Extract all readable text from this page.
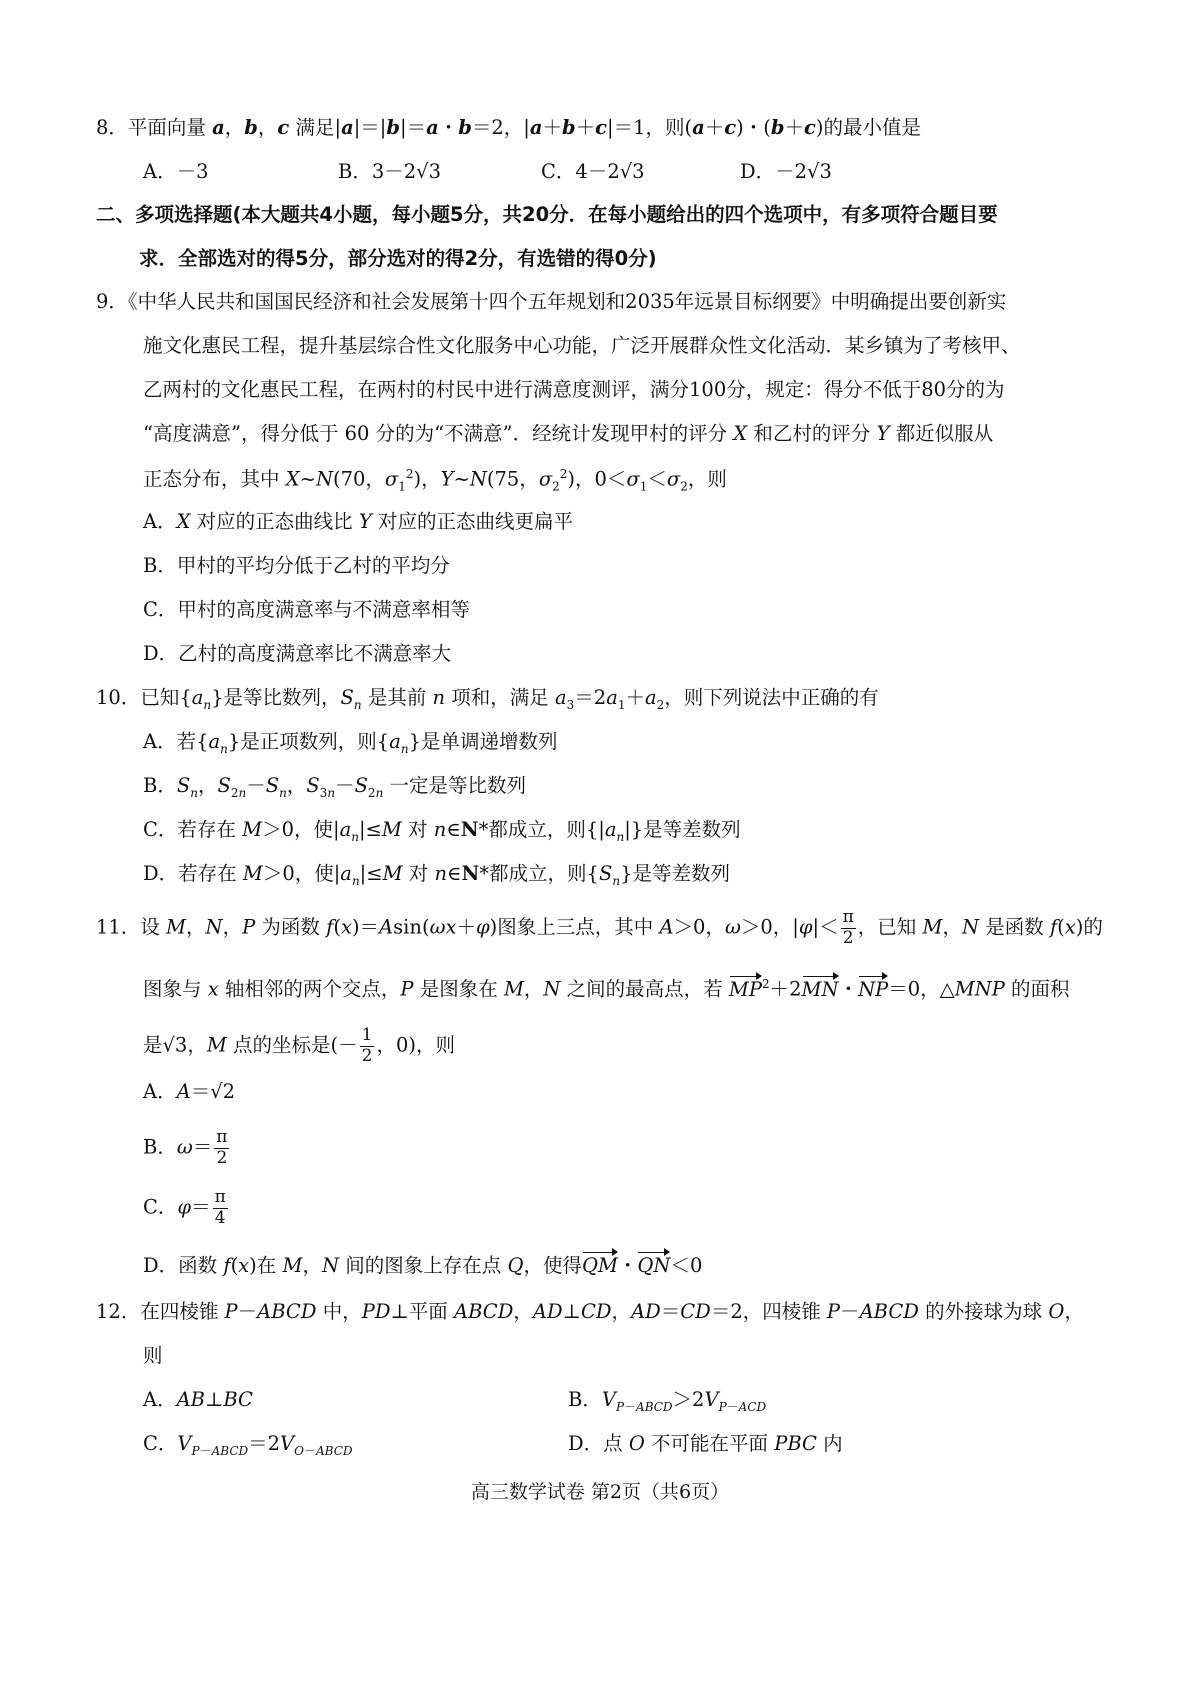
8．平面向量 a，b，c 满足|a|＝|b|＝a・b＝2，|a＋b＋c|＝1，则(a＋c)・(b＋c)的最小值是
A．－3	B．3－2√3	C．4－2√3	D．－2√3
二、多项选择题(本大题共4小题，每小题5分，共20分．在每小题给出的四个选项中，有多项符合题目要
求．全部选对的得5分，部分选对的得2分，有选错的得0分)
9．《中华人民共和国国民经济和社会发展第十四个五年规划和2035年远景目标纲要》中明确提出要创新实
施文化惠民工程，提升基层综合性文化服务中心功能，广泛开展群众性文化活动．某乡镇为了考核甲、
乙两村的文化惠民工程，在两村的村民中进行满意度测评，满分100分，规定：得分不低于80分的为
“高度满意”，得分低于 60 分的为“不满意”．经统计发现甲村的评分 X 和乙村的评分 Y 都近似服从
正态分布，其中 X~N(70，$\sigma_1^2$)，Y~N(75，$\sigma_2^2$)，$0<\sigma_1<\sigma_2$，则
A．X 对应的正态曲线比 Y 对应的正态曲线更扁平
B．甲村的平均分低于乙村的平均分
C．甲村的高度满意率与不满意率相等
D．乙村的高度满意率比不满意率大
10．已知$\{a_n\}$是等比数列，$S_n$ 是其前 n 项和，满足 $a_3=2a_1+a_2$，则下列说法中正确的有
A．若$\{a_n\}$是正项数列，则$\{a_n\}$是单调递增数列
B．$S_n$，$S_{2n}-S_n$，$S_{3n}-S_{2n}$ 一定是等比数列
C．若存在 M＞0，使$|a_n|\le M$ 对 n∈N*都成立，则$\{|a_n|\}$是等差数列
D．若存在 M＞0，使$|a_n|\le M$ 对 n∈N*都成立，则$\{S_n\}$是等差数列
11．设 M，N，P 为函数 f(x)＝Asin(ωx＋φ)图象上三点，其中 A＞0，ω＞0，$|\varphi|< \frac{\pi}{2}$ ，已知 M，N 是函数 f(x)的
图象与 x 轴相邻的两个交点，P 是图象在 M，N 之间的最高点，若 $MP^2+2MN$・NP＝0，△MNP 的面积
是√3，M 点的坐标是(－ $\frac{1}{2}$ ，0)，则
A．A＝√2
B．$\omega= \frac{\pi}{2}$
C．$\varphi= \frac{\pi}{4}$
D．函数 f(x)在 M，N 间的图象上存在点 Q，使得QM・QN＜0
12．在四棱锥 P－ABCD 中，PD⊥平面 ABCD，AD⊥CD，AD＝CD＝2，四棱锥 P－ABCD 的外接球为球 O，
则
A．AB⊥BC	B．$V_{P-ABCD}>2V_{P-ACD}$
C．$V_{P-ABCD}=2V_{O-ABCD}$	D．点 O 不可能在平面 PBC 内
高三数学试卷 第2页（共6页）
